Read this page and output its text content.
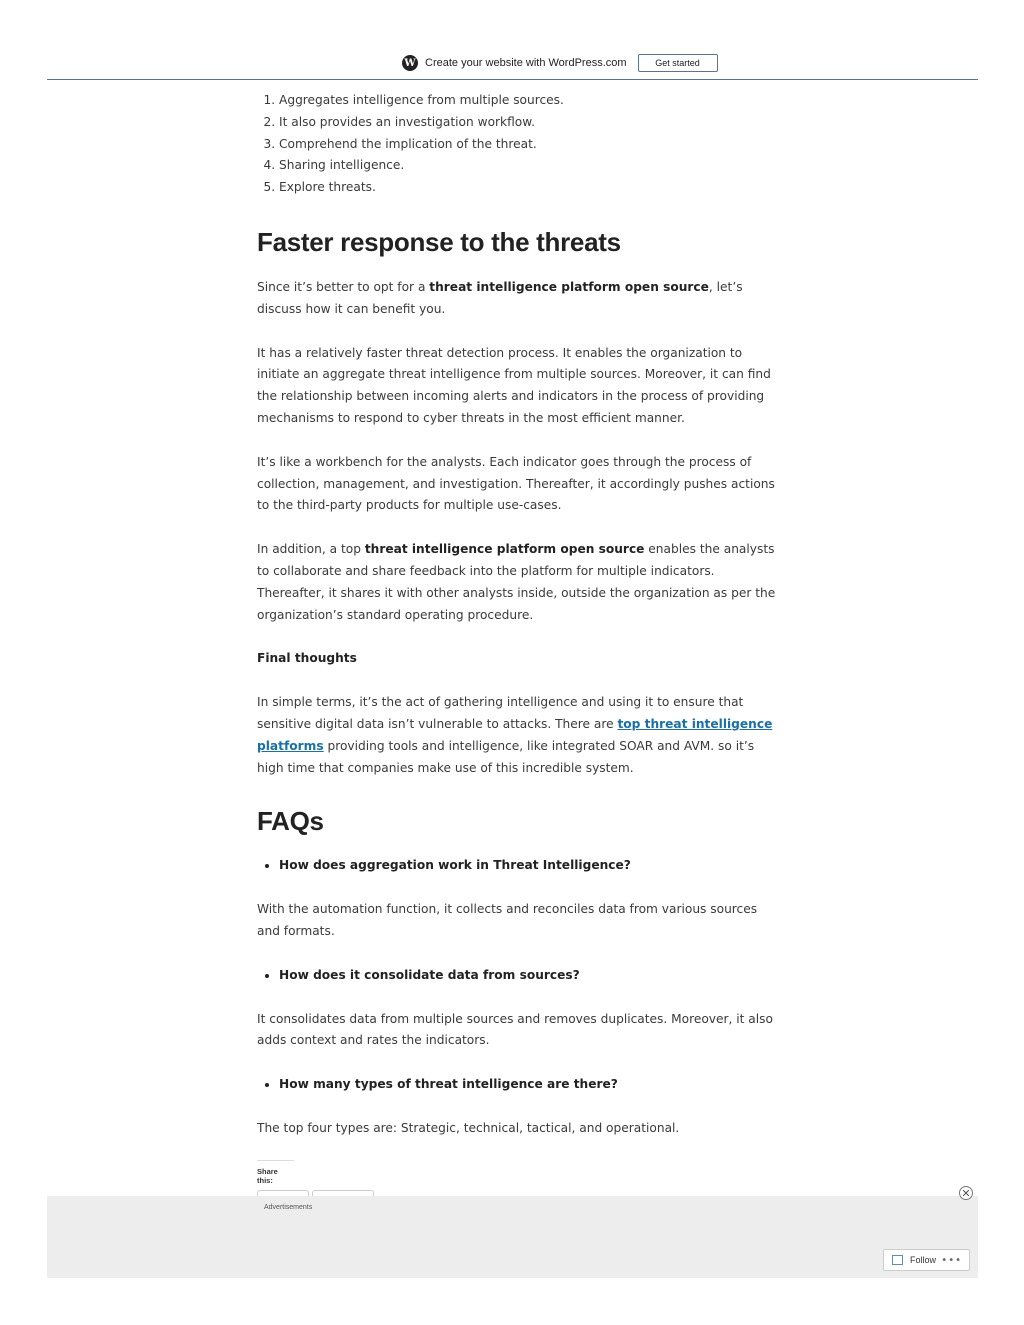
W Create your website with WordPress.com	Get started
1. Aggregates intelligence from multiple sources.
2. It also provides an investigation workflow.
3. Comprehend the implication of the threat.
4. Sharing intelligence.
5. Explore threats.
Faster response to the threats

Since it’s better to opt for a threat intelligence platform open source, let’s discuss how it can benefit you.

It has a relatively faster threat detection process. It enables the organization to initiate an aggregate threat intelligence from multiple sources. Moreover, it can find the relationship between incoming alerts and indicators in the process of providing mechanisms to respond to cyber threats in the most efficient manner.

It’s like a workbench for the analysts. Each indicator goes through the process of collection, management, and investigation. Thereafter, it accordingly pushes actions to the third-party products for multiple use-cases.

In addition, a top threat intelligence platform open source enables the analysts to collaborate and share feedback into the platform for multiple indicators. Thereafter, it shares it with other analysts inside, outside the organization as per the organization’s standard operating procedure.

Final thoughts

In simple terms, it’s the act of gathering intelligence and using it to ensure that sensitive digital data isn’t vulnerable to attacks. There are top threat intelligence platforms providing tools and intelligence, like integrated SOAR and AVM. so it’s high time that companies make use of this incredible system.

FAQs
• How does aggregation work in Threat Intelligence?

With the automation function, it collects and reconciles data from various sources and formats.

• How does it consolidate data from sources?

It consolidates data from multiple sources and removes duplicates. Moreover, it also adds context and rates the indicators.

• How many types of threat intelligence are there?

The top four types are: Strategic, technical, tactical, and operational.

Share this:
Advertisements
✕
Follow •••
